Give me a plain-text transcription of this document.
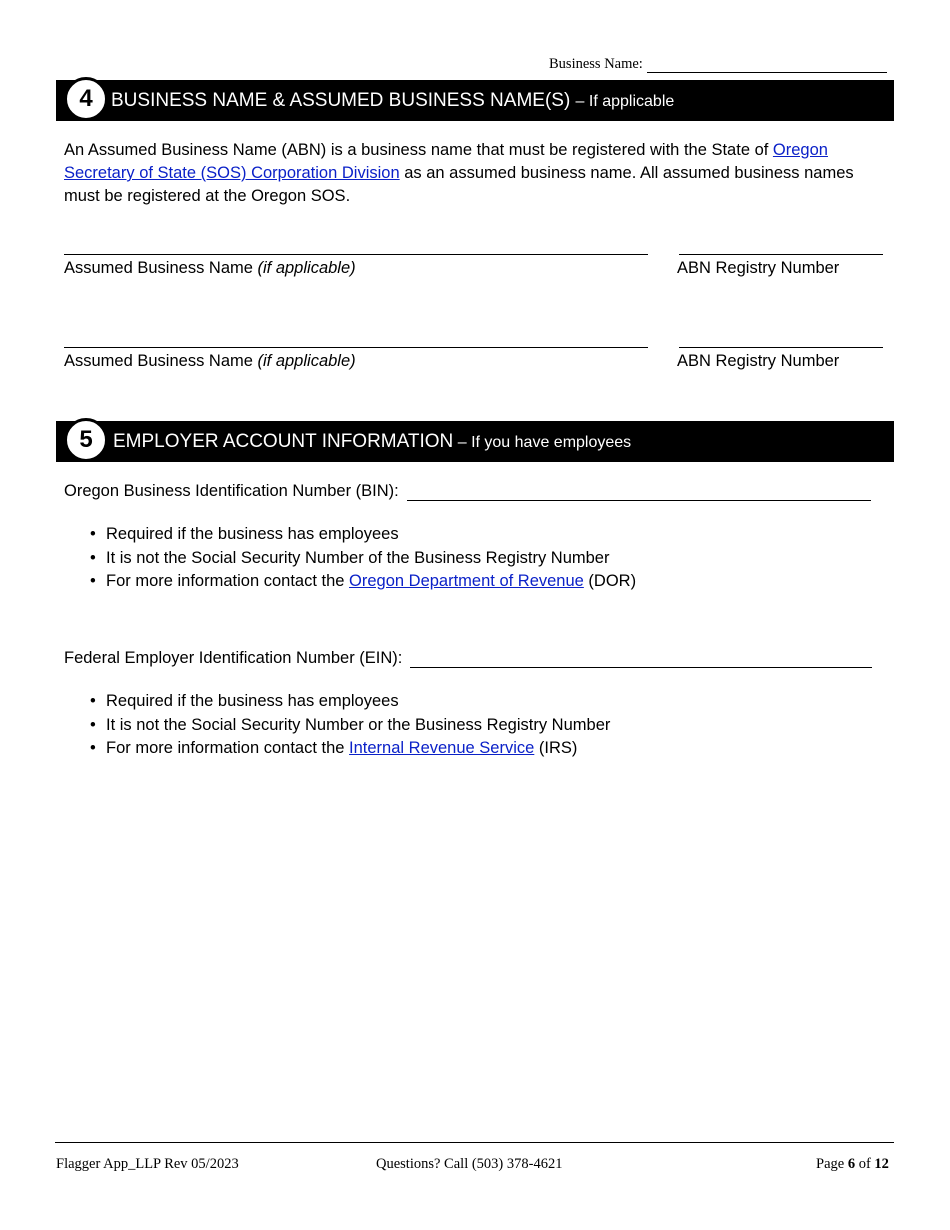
Business Name:
4 BUSINESS NAME & ASSUMED BUSINESS NAME(S) – If applicable
An Assumed Business Name (ABN) is a business name that must be registered with the State of Oregon Secretary of State (SOS) Corporation Division as an assumed business name. All assumed business names must be registered at the Oregon SOS.
Assumed Business Name (if applicable)	ABN Registry Number
Assumed Business Name (if applicable)	ABN Registry Number
5	EMPLOYER ACCOUNT INFORMATION – If you have employees
Oregon Business Identification Number (BIN):
• Required if the business has employees
• It is not the Social Security Number of the Business Registry Number
• For more information contact the Oregon Department of Revenue (DOR)
Federal Employer Identification Number (EIN):
• Required if the business has employees
• It is not the Social Security Number or the Business Registry Number
• For more information contact the Internal Revenue Service (IRS)
Flagger App_LLP Rev 05/2023	Questions? Call (503) 378-4621	Page 6 of 12
